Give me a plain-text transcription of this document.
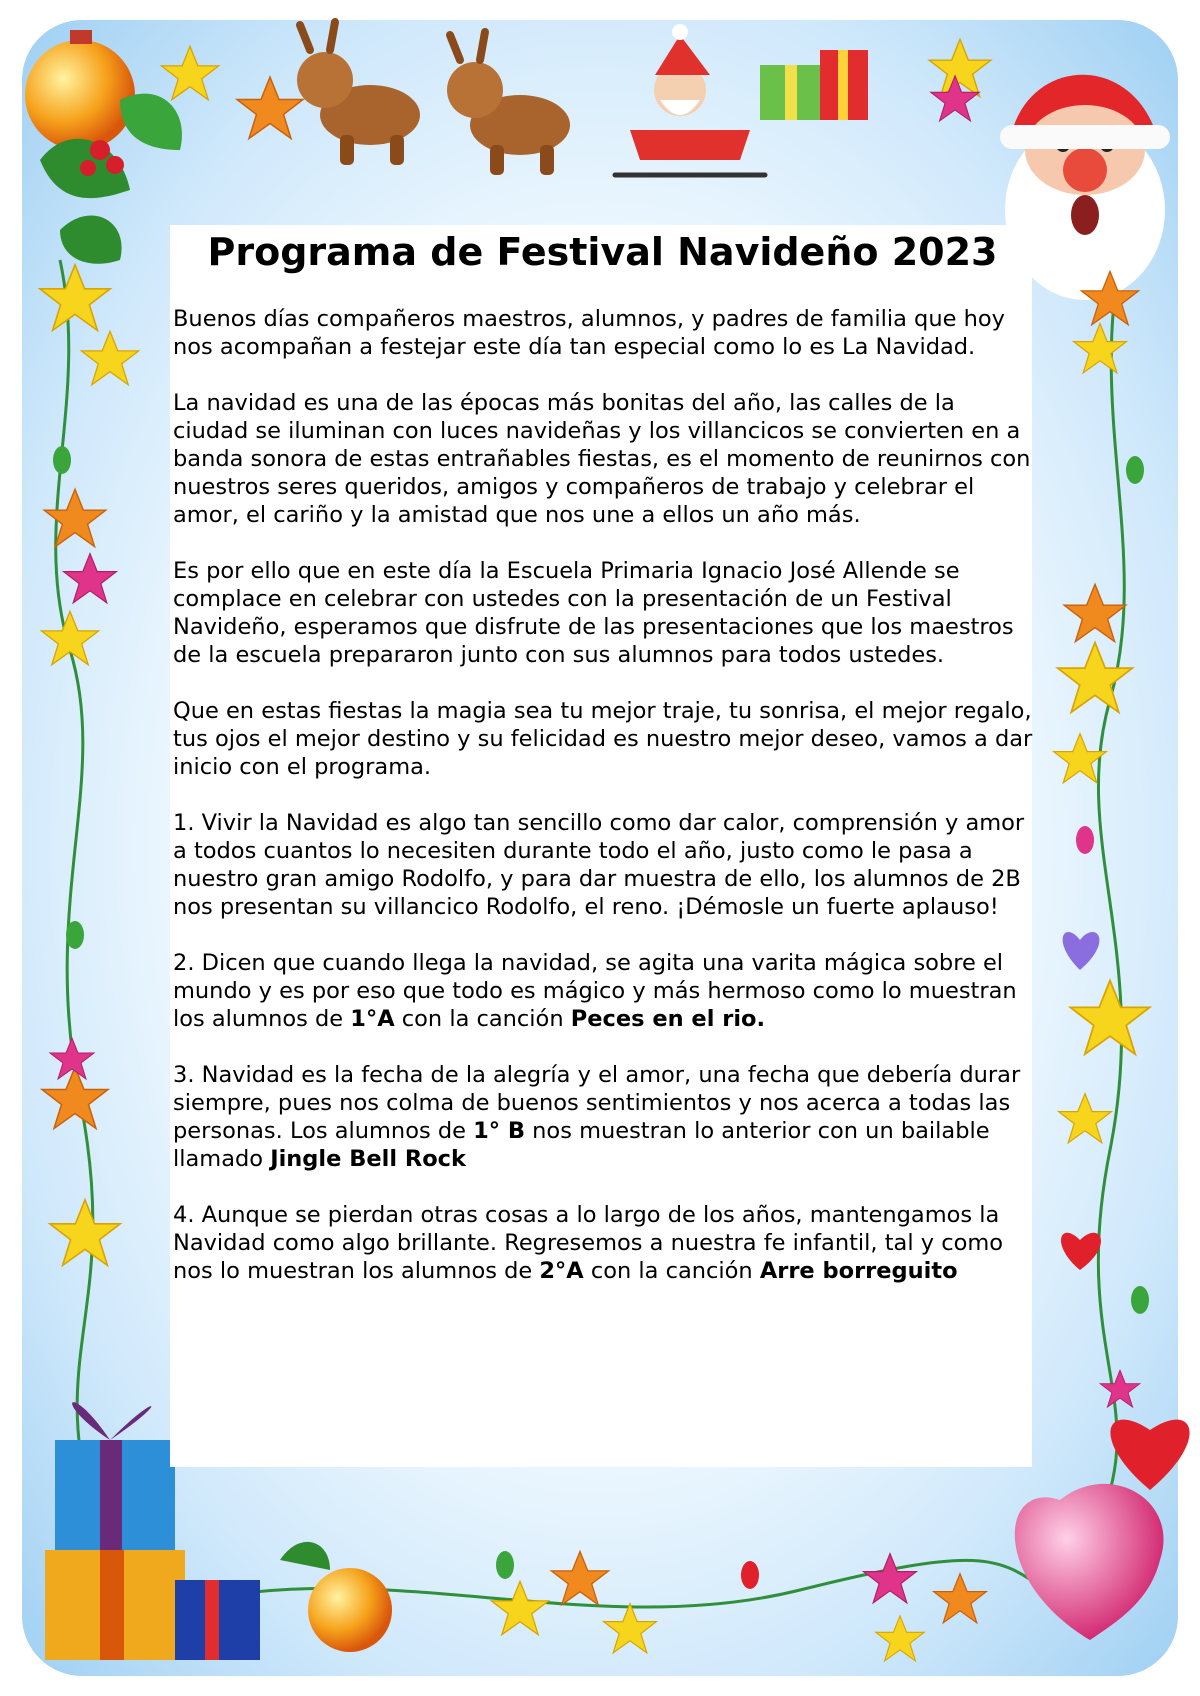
Programa de Festival Navideño 2023

Buenos días compañeros maestros, alumnos, y padres de familia que hoy nos acompañan a festejar este día tan especial como lo es La Navidad.

La navidad es una de las épocas más bonitas del año, las calles de la ciudad se iluminan con luces navideñas y los villancicos se convierten en a banda sonora de estas entrañables fiestas, es el momento de reunirnos con nuestros seres queridos, amigos y compañeros de trabajo y celebrar el amor, el cariño y la amistad que nos une a ellos un año más.

Es por ello que en este día la Escuela Primaria Ignacio José Allende se complace en celebrar con ustedes con la presentación de un Festival Navideño, esperamos que disfrute de las presentaciones que los maestros de la escuela prepararon junto con sus alumnos para todos ustedes.

Que en estas fiestas la magia sea tu mejor traje, tu sonrisa, el mejor regalo, tus ojos el mejor destino y su felicidad es nuestro mejor deseo, vamos a dar inicio con el programa.

1. Vivir la Navidad es algo tan sencillo como dar calor, comprensión y amor a todos cuantos lo necesiten durante todo el año, justo como le pasa a nuestro gran amigo Rodolfo, y para dar muestra de ello, los alumnos de 2B nos presentan su villancico Rodolfo, el reno. ¡Démosle un fuerte aplauso!

2. Dicen que cuando llega la navidad, se agita una varita mágica sobre el mundo y es por eso que todo es mágico y más hermoso como lo muestran los alumnos de 1°A con la canción Peces en el rio.

3. Navidad es la fecha de la alegría y el amor, una fecha que debería durar siempre, pues nos colma de buenos sentimientos y nos acerca a todas las personas. Los alumnos de 1° B nos muestran lo anterior con un bailable llamado Jingle Bell Rock

4. Aunque se pierdan otras cosas a lo largo de los años, mantengamos la Navidad como algo brillante. Regresemos a nuestra fe infantil, tal y como nos lo muestran los alumnos de 2°A con la canción Arre borreguito
